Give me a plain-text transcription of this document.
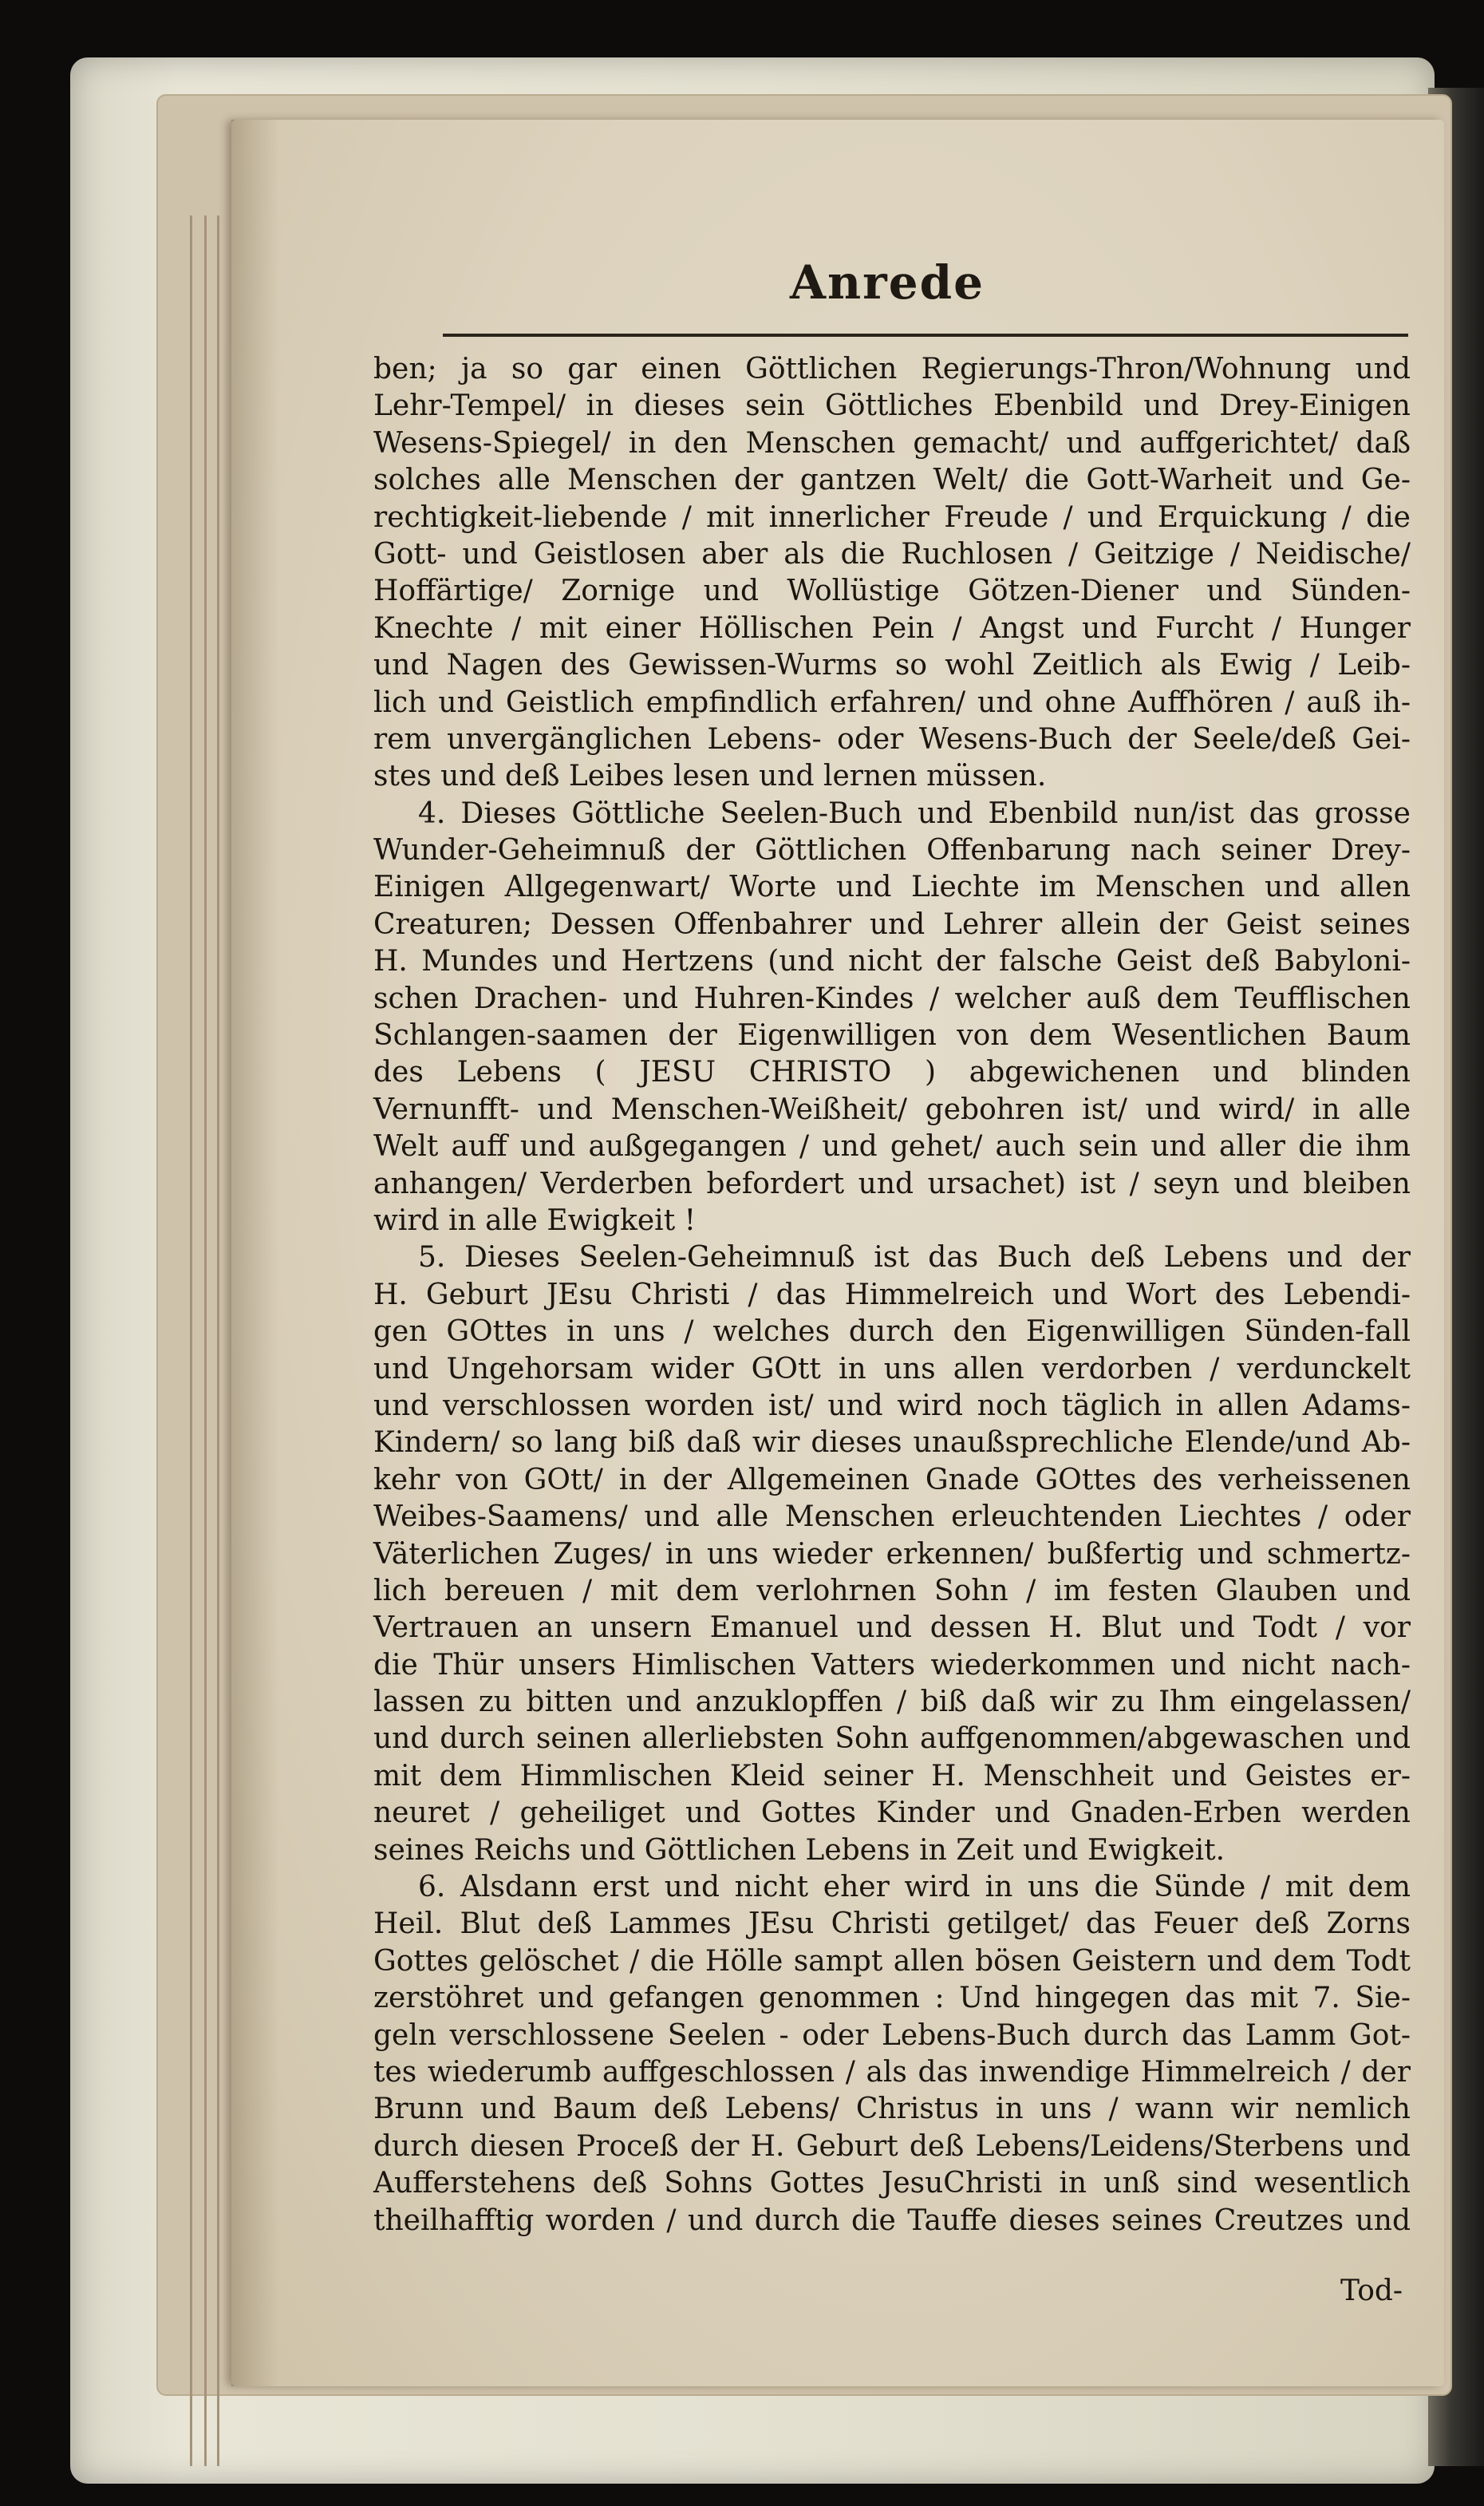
Anrede
ben; ja so gar einen Göttlichen Regierungs-Thron/Wohnung und
Lehr-Tempel/ in dieses sein Göttliches Ebenbild und Drey-Einigen
Wesens-Spiegel/ in den Menschen gemacht/ und auffgerichtet/ daß
solches alle Menschen der gantzen Welt/ die Gott-Warheit und Ge-
rechtigkeit-liebende / mit innerlicher Freude / und Erquickung / die
Gott- und Geistlosen aber als die Ruchlosen / Geitzige / Neidische/
Hoffärtige/ Zornige und Wollüstige Götzen-Diener und Sünden-
Knechte / mit einer Höllischen Pein / Angst und Furcht / Hunger
und Nagen des Gewissen-Wurms so wohl Zeitlich als Ewig / Leib-
lich und Geistlich empfindlich erfahren/ und ohne Auffhören / auß ih-
rem unvergänglichen Lebens- oder Wesens-Buch der Seele/deß Gei-
stes und deß Leibes lesen und lernen müssen.
4. Dieses Göttliche Seelen-Buch und Ebenbild nun/ist das grosse
Wunder-Geheimnuß der Göttlichen Offenbarung nach seiner Drey-
Einigen Allgegenwart/ Worte und Liechte im Menschen und allen
Creaturen; Dessen Offenbahrer und Lehrer allein der Geist seines
H. Mundes und Hertzens (und nicht der falsche Geist deß Babyloni-
schen Drachen- und Huhren-Kindes / welcher auß dem Teufflischen
Schlangen-saamen der Eigenwilligen von dem Wesentlichen Baum
des Lebens ( JESU CHRISTO ) abgewichenen und blinden
Vernunfft- und Menschen-Weißheit/ gebohren ist/ und wird/ in alle
Welt auff und außgegangen / und gehet/ auch sein und aller die ihm
anhangen/ Verderben befordert und ursachet) ist / seyn und bleiben
wird in alle Ewigkeit !
5. Dieses Seelen-Geheimnuß ist das Buch deß Lebens und der
H. Geburt JEsu Christi / das Himmelreich und Wort des Lebendi-
gen GOttes in uns / welches durch den Eigenwilligen Sünden-fall
und Ungehorsam wider GOtt in uns allen verdorben / verdunckelt
und verschlossen worden ist/ und wird noch täglich in allen Adams-
Kindern/ so lang biß daß wir dieses unaußsprechliche Elende/und Ab-
kehr von GOtt/ in der Allgemeinen Gnade GOttes des verheissenen
Weibes-Saamens/ und alle Menschen erleuchtenden Liechtes / oder
Väterlichen Zuges/ in uns wieder erkennen/ bußfertig und schmertz-
lich bereuen / mit dem verlohrnen Sohn / im festen Glauben und
Vertrauen an unsern Emanuel und dessen H. Blut und Todt / vor
die Thür unsers Himlischen Vatters wiederkommen und nicht nach-
lassen zu bitten und anzuklopffen / biß daß wir zu Ihm eingelassen/
und durch seinen allerliebsten Sohn auffgenommen/abgewaschen und
mit dem Himmlischen Kleid seiner H. Menschheit und Geistes er-
neuret / geheiliget und Gottes Kinder und Gnaden-Erben werden
seines Reichs und Göttlichen Lebens in Zeit und Ewigkeit.
6. Alsdann erst und nicht eher wird in uns die Sünde / mit dem
Heil. Blut deß Lammes JEsu Christi getilget/ das Feuer deß Zorns
Gottes gelöschet / die Hölle sampt allen bösen Geistern und dem Todt
zerstöhret und gefangen genommen : Und hingegen das mit 7. Sie-
geln verschlossene Seelen - oder Lebens-Buch durch das Lamm Got-
tes wiederumb auffgeschlossen / als das inwendige Himmelreich / der
Brunn und Baum deß Lebens/ Christus in uns / wann wir nemlich
durch diesen Proceß der H. Geburt deß Lebens/Leidens/Sterbens und
Aufferstehens deß Sohns Gottes JesuChristi in unß sind wesentlich
theilhafftig worden / und durch die Tauffe dieses seines Creutzes und
Tod-
